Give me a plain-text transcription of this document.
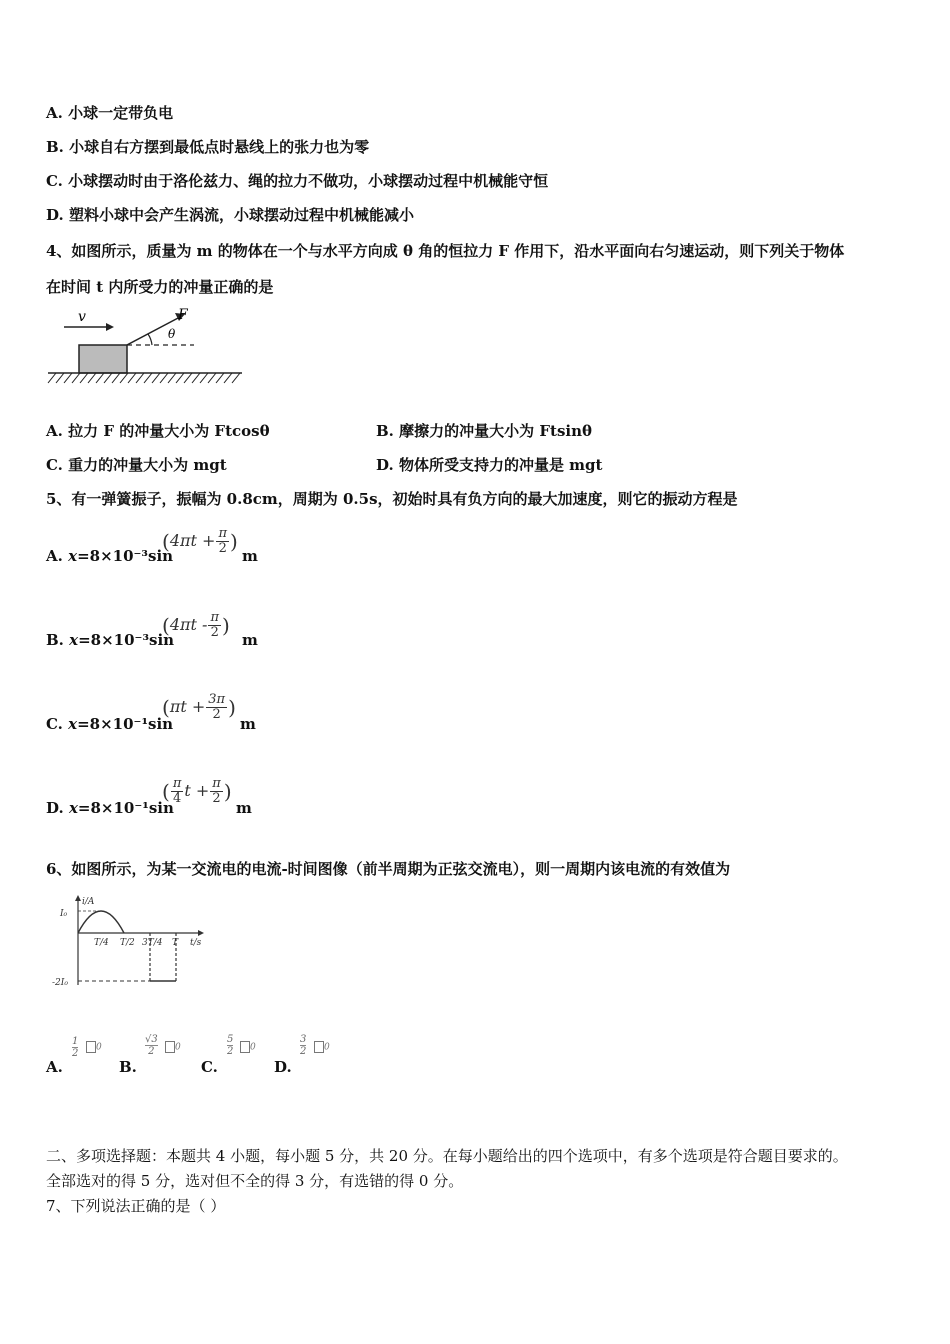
A. 小球一定带负电
B. 小球自右方摆到最低点时悬线上的张力也为零
C. 小球摆动时由于洛伦兹力、绳的拉力不做功，小球摆动过程中机械能守恒
D. 塑料小球中会产生涡流，小球摆动过程中机械能减小
4、如图所示，质量为 m 的物体在一个与水平方向成 θ 角的恒拉力 F 作用下，沿水平面向右匀速运动，则下列关于物体
在时间 t 内所受力的冲量正确的是
v	F
θ
A. 拉力 F 的冲量大小为 Ftcosθ	B. 摩擦力的冲量大小为 Ftsinθ
C. 重力的冲量大小为 mgt	D. 物体所受支持力的冲量是 mgt
5、有一弹簧振子，振幅为 0.8cm，周期为 0.5s，初始时具有负方向的最大加速度，则它的振动方程是
A. x=8×10⁻³sin
($4\pi t + \frac{\pi}{2}$ )
m
B. x=8×10⁻³sin
($4\pi t - \frac{\pi}{2}$ )
m
C. x=8×10⁻¹sin
($\pi t + \frac{3\pi}{2}$ )
m
D. x=8×10⁻¹sin
( $\frac{\pi}{4}$ $t + \frac{\pi}{2}$ )
m
6、如图所示，为某一交流电的电流-时间图像（前半周期为正弦交流电），则一周期内该电流的有效值为
i/A
I₀
-2I₀
t/s
T/4 T/2 3T/4 T
A.
$\frac{1}{2}$	0
B.
$\frac{√3}{2}$	0
C.
$\frac{5}{2}$	0
D.
$\frac{3}{2}$	0
二、多项选择题：本题共 4 小题，每小题 5 分，共 20 分。在每小题给出的四个选项中，有多个选项是符合题目要求的。
全部选对的得 5 分，选对但不全的得 3 分，有选错的得 0 分。
7、下列说法正确的是（ ）
